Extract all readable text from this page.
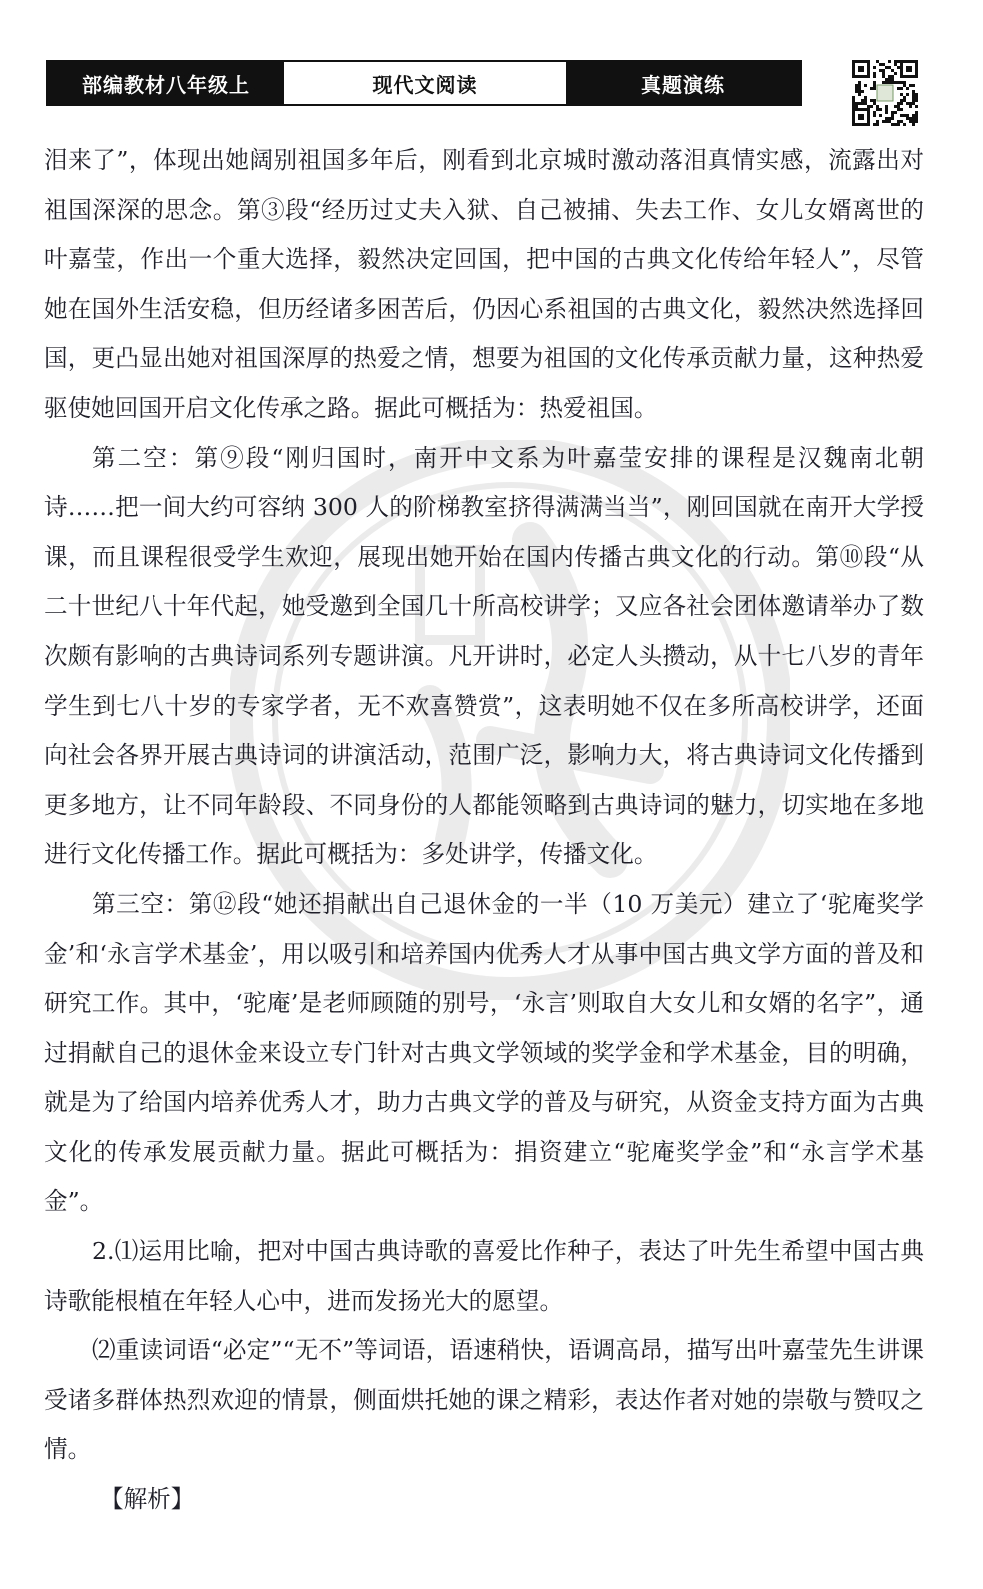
部编教材八年级上	现代文阅读	真题演练

泪来了”，体现出她阔别祖国多年后，刚看到北京城时激动落泪真情实感，流露出对祖国深深的思念。第③段“经历过丈夫入狱、自己被捕、失去工作、女儿女婿离世的叶嘉莹，作出一个重大选择，毅然决定回国，把中国的古典文化传给年轻人”，尽管她在国外生活安稳，但历经诸多困苦后，仍因心系祖国的古典文化，毅然决然选择回国，更凸显出她对祖国深厚的热爱之情，想要为祖国的文化传承贡献力量，这种热爱驱使她回国开启文化传承之路。据此可概括为：热爱祖国。

第二空：第⑨段“刚归国时，南开中文系为叶嘉莹安排的课程是汉魏南北朝诗……把一间大约可容纳 300 人的阶梯教室挤得满满当当”，刚回国就在南开大学授课，而且课程很受学生欢迎，展现出她开始在国内传播古典文化的行动。第⑩段“从二十世纪八十年代起，她受邀到全国几十所高校讲学；又应各社会团体邀请举办了数次颇有影响的古典诗词系列专题讲演。凡开讲时，必定人头攒动，从十七八岁的青年学生到七八十岁的专家学者，无不欢喜赞赏”，这表明她不仅在多所高校讲学，还面向社会各界开展古典诗词的讲演活动，范围广泛，影响力大，将古典诗词文化传播到更多地方，让不同年龄段、不同身份的人都能领略到古典诗词的魅力，切实地在多地进行文化传播工作。据此可概括为：多处讲学，传播文化。

第三空：第⑫段“她还捐献出自己退休金的一半（10 万美元）建立了‘驼庵奖学金’和‘永言学术基金’，用以吸引和培养国内优秀人才从事中国古典文学方面的普及和研究工作。其中，‘驼庵’是老师顾随的别号，‘永言’则取自大女儿和女婿的名字”，通过捐献自己的退休金来设立专门针对古典文学领域的奖学金和学术基金，目的明确，就是为了给国内培养优秀人才，助力古典文学的普及与研究，从资金支持方面为古典文化的传承发展贡献力量。据此可概括为：捐资建立“驼庵奖学金”和“永言学术基金”。

2.⑴运用比喻，把对中国古典诗歌的喜爱比作种子，表达了叶先生希望中国古典诗歌能根植在年轻人心中，进而发扬光大的愿望。

⑵重读词语“必定”“无不”等词语，语速稍快，语调高昂，描写出叶嘉莹先生讲课受诸多群体热烈欢迎的情景，侧面烘托她的课之精彩，表达作者对她的崇敬与赞叹之情。

【解析】
